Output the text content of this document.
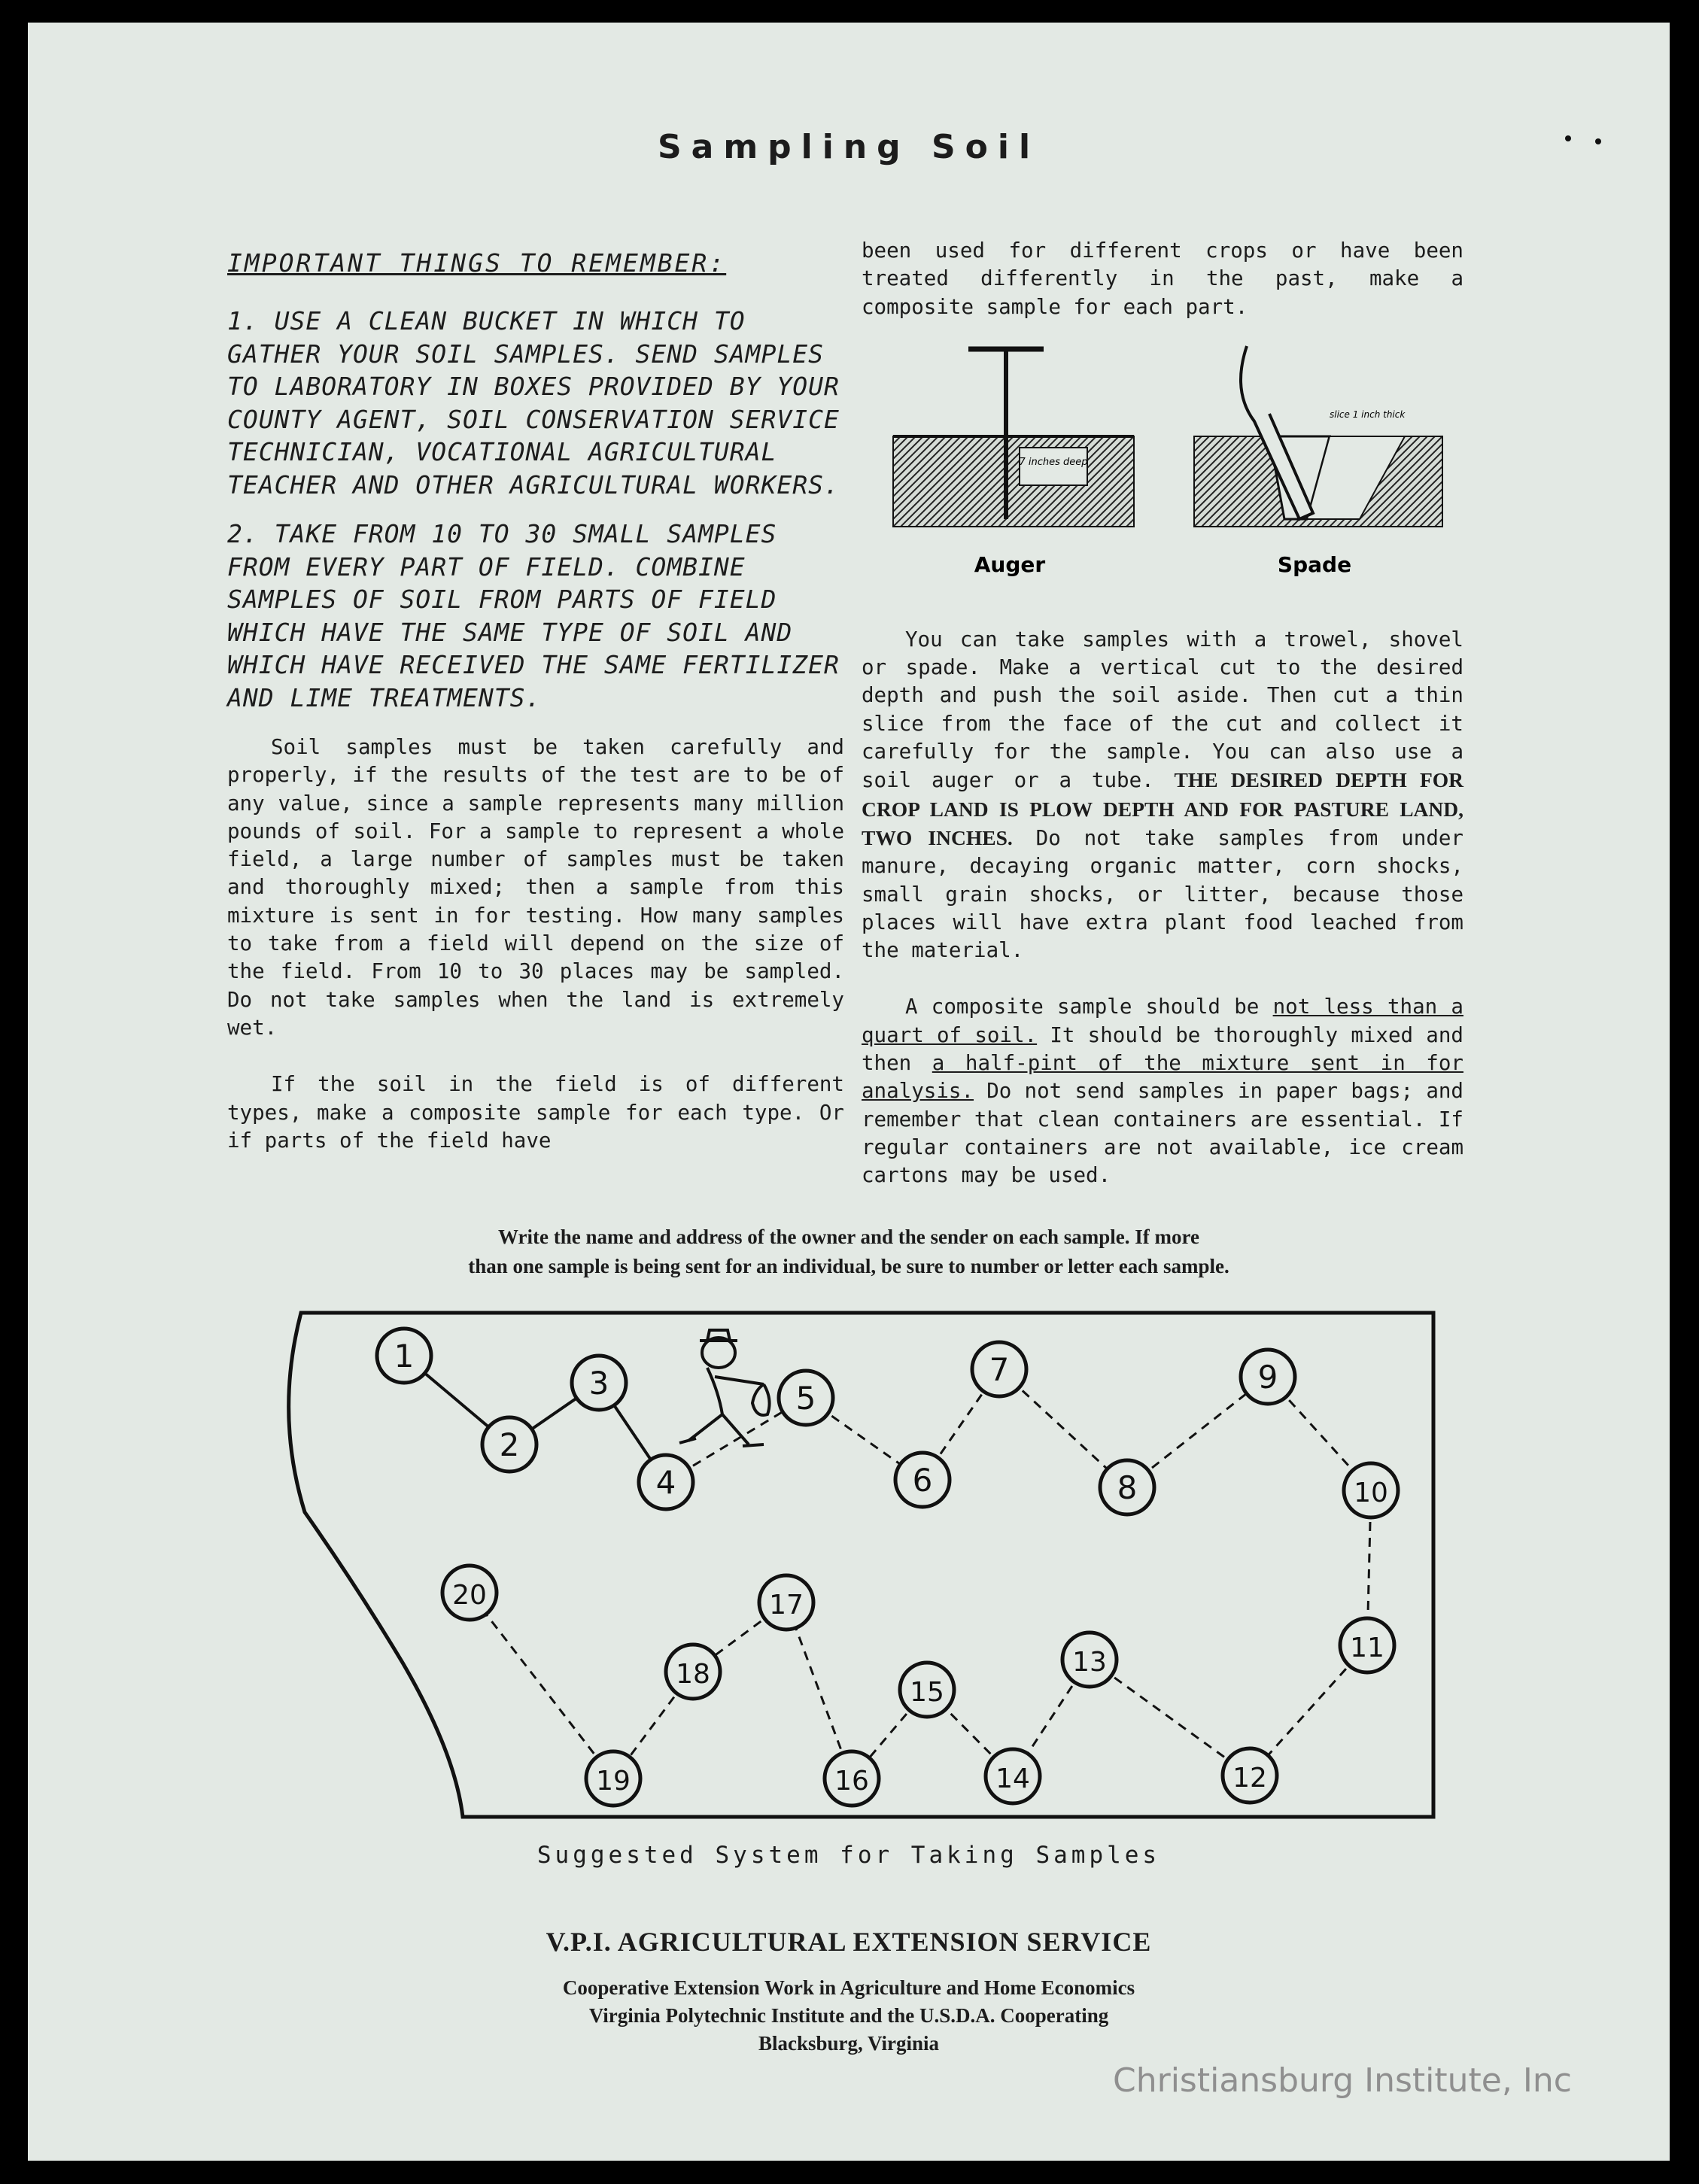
Sampling Soil

IMPORTANT THINGS TO REMEMBER:

1. USE A CLEAN BUCKET IN WHICH TO GATHER YOUR SOIL SAMPLES. SEND SAMPLES TO LABORATORY IN BOXES PROVIDED BY YOUR COUNTY AGENT, SOIL CONSERVATION SERVICE TECHNICIAN, VOCATIONAL AGRICULTURAL TEACHER AND OTHER AGRICULTURAL WORKERS.

2. TAKE FROM 10 TO 30 SMALL SAMPLES FROM EVERY PART OF FIELD. COMBINE SAMPLES OF SOIL FROM PARTS OF FIELD WHICH HAVE THE SAME TYPE OF SOIL AND WHICH HAVE RECEIVED THE SAME FERTILIZER AND LIME TREATMENTS.

Soil samples must be taken carefully and properly, if the results of the test are to be of any value, since a sample represents many million pounds of soil. For a sample to represent a whole field, a large number of samples must be taken and thoroughly mixed; then a sample from this mixture is sent in for testing. How many samples to take from a field will depend on the size of the field. From 10 to 30 places may be sampled. Do not take samples when the land is extremely wet.

If the soil in the field is of different types, make a composite sample for each type. Or if parts of the field have

been used for different crops or have been treated differently in the past, make a composite sample for each part.

You can take samples with a trowel, shovel or spade. Make a vertical cut to the desired depth and push the soil aside. Then cut a thin slice from the face of the cut and collect it carefully for the sample. You can also use a soil auger or a tube. THE DESIRED DEPTH FOR CROP LAND IS PLOW DEPTH AND FOR PASTURE LAND, TWO INCHES. Do not take samples from under manure, decaying organic matter, corn shocks, small grain shocks, or litter, because those places will have extra plant food leached from the material.

A composite sample should be not less than a quart of soil. It should be thoroughly mixed and then a half-pint of the mixture sent in for analysis. Do not send samples in paper bags; and remember that clean containers are essential. If regular containers are not available, ice cream cartons may be used.

7 inches deep
slice 1 inch thick
Auger	Spade
Write the name and address of the owner and the sender on each sample. If more
than one sample is being sent for an individual, be sure to number or letter each sample.
1
2
3
4
5
6
7
8
9
10
11
12
13
14
15
16
17
18
19
20
Suggested System for Taking Samples
V.P.I. AGRICULTURAL EXTENSION SERVICE
Cooperative Extension Work in Agriculture and Home Economics
Virginia Polytechnic Institute and the U.S.D.A. Cooperating
Blacksburg, Virginia
Christiansburg Institute, Inc
